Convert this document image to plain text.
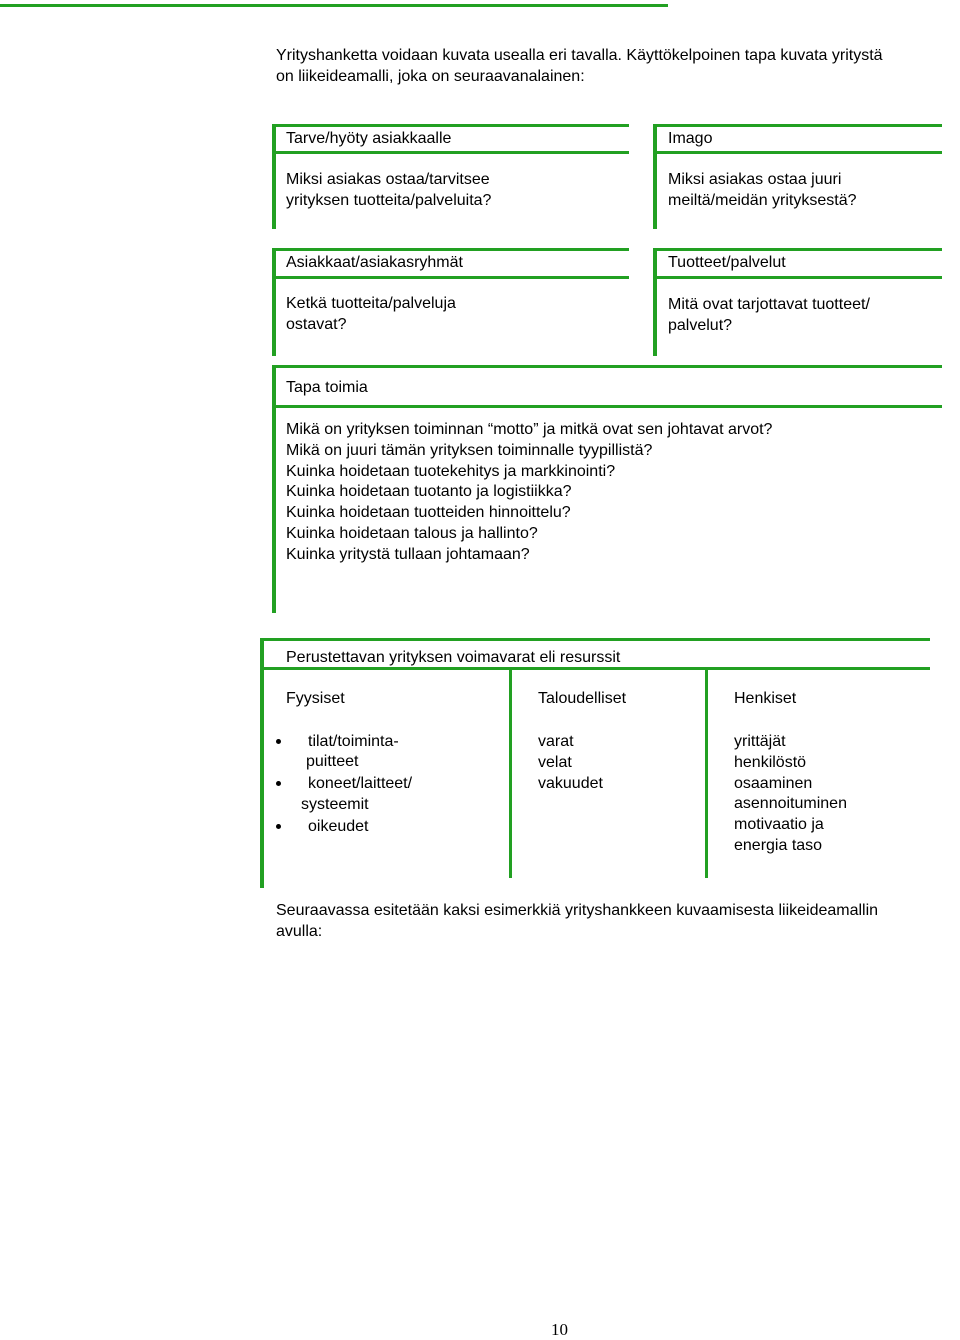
Yrityshanketta voidaan kuvata usealla eri tavalla. Käyttökelpoinen tapa kuvata yritystä
on liikeideamalli, joka on seuraavanalainen:
Tarve/hyöty asiakkaalle
Miksi asiakas ostaa/tarvitsee
yrityksen tuotteita/palveluita?
Imago
Miksi asiakas ostaa juuri
meiltä/meidän yrityksestä?
Asiakkaat/asiakasryhmät
Ketkä tuotteita/palveluja
ostavat?
Tuotteet/palvelut
Mitä ovat tarjottavat tuotteet/
palvelut?
Tapa toimia
Mikä on yrityksen toiminnan “motto” ja mitkä ovat sen johtavat arvot?
Mikä on juuri tämän yrityksen toiminnalle tyypillistä?
Kuinka hoidetaan tuotekehitys ja markkinointi?
Kuinka hoidetaan tuotanto ja logistiikka?
Kuinka hoidetaan tuotteiden hinnoittelu?
Kuinka hoidetaan talous ja hallinto?
Kuinka yritystä tullaan johtamaan?
Perustettavan yrityksen voimavarat eli resurssit
Fyysiset	Taloudelliset	Henkiset
tilat/toiminta-
puitteet
koneet/laitteet/
systeemit
oikeudet
varat
velat
vakuudet
yrittäjät
henkilöstö
osaaminen
asennoituminen
motivaatio ja
energia taso
Seuraavassa esitetään kaksi esimerkkiä yrityshankkeen kuvaamisesta liikeideamallin
avulla:
10
